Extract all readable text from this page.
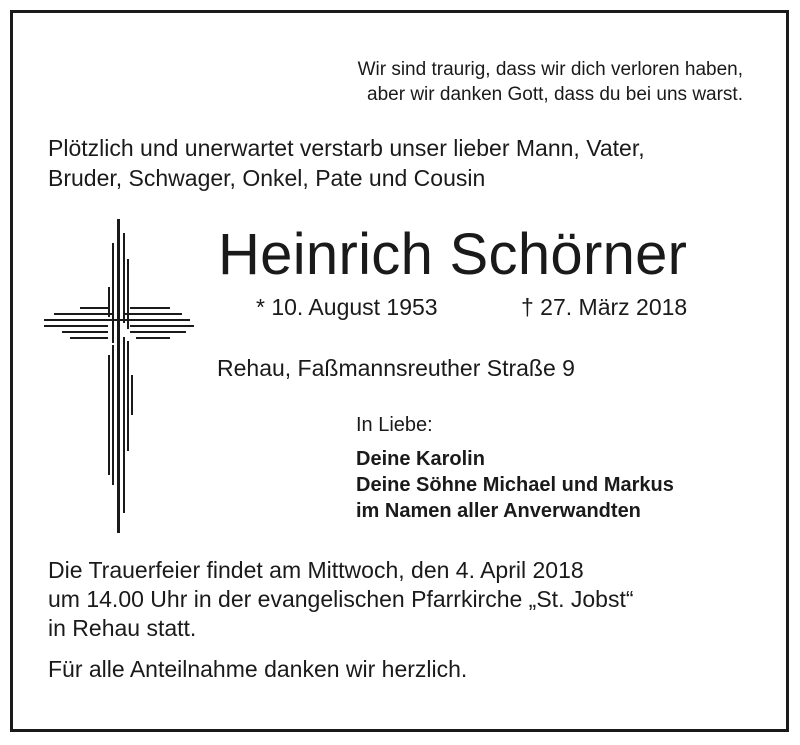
Wir sind traurig, dass wir dich verloren haben,
aber wir danken Gott, dass du bei uns warst.
Plötzlich und unerwartet verstarb unser lieber Mann, Vater,
Bruder, Schwager, Onkel, Pate und Cousin
Heinrich Schörner
* 10. August 1953	† 27. März 2018
Rehau, Faßmannsreuther Straße 9
In Liebe:
Deine Karolin
Deine Söhne Michael und Markus
im Namen aller Anverwandten
Die Trauerfeier findet am Mittwoch, den 4. April 2018
um 14.00 Uhr in der evangelischen Pfarrkirche „St. Jobst“
in Rehau statt.
Für alle Anteilnahme danken wir herzlich.
